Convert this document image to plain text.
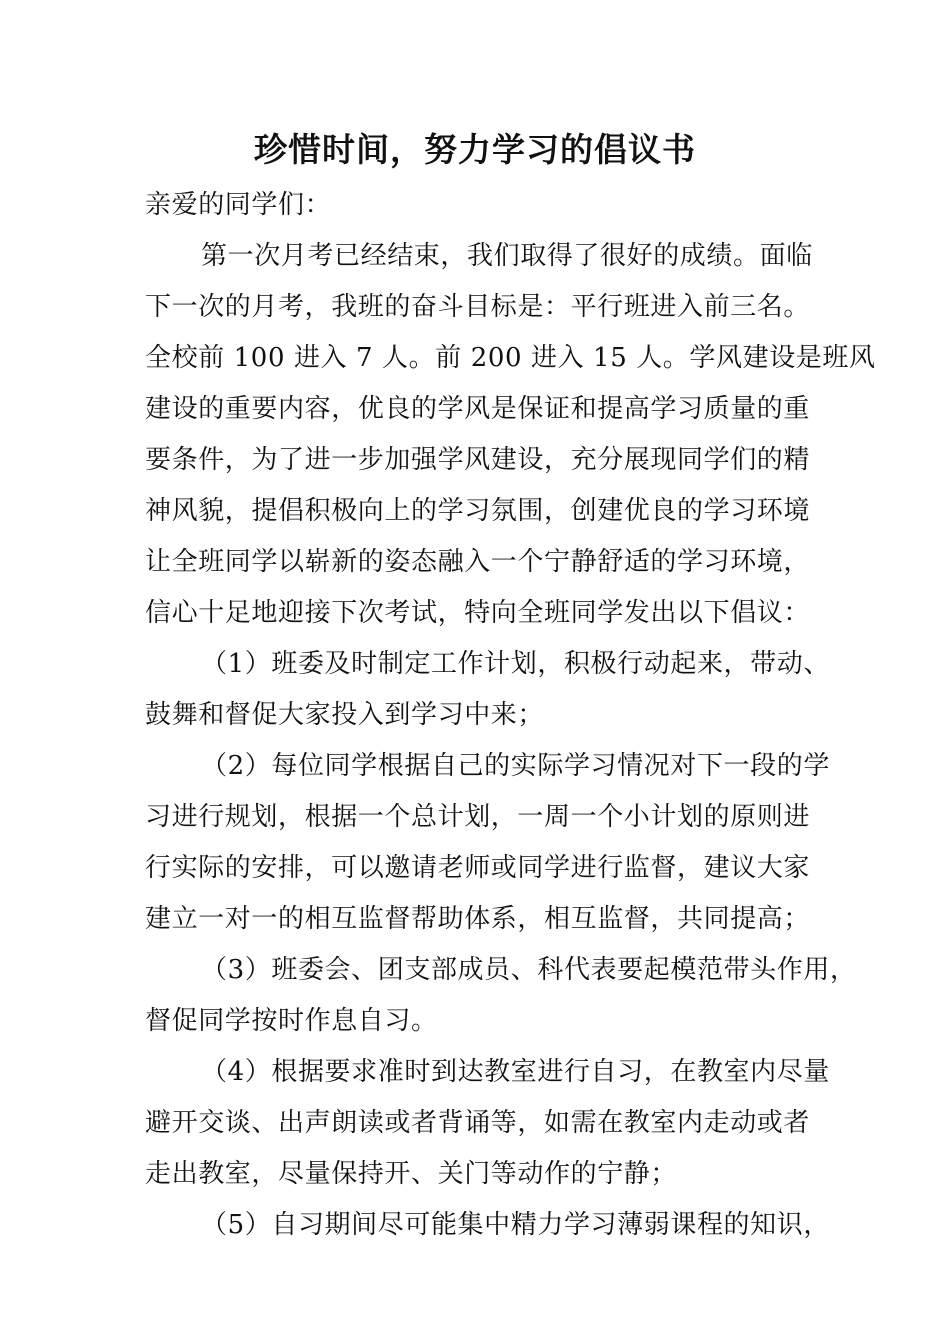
珍惜时间，努力学习的倡议书
亲爱的同学们：
第一次月考已经结束，我们取得了很好的成绩。面临
下一次的月考，我班的奋斗目标是：平行班进入前三名。
全校前 100 进入 7 人。前 200 进入 15 人。学风建设是班风
建设的重要内容，优良的学风是保证和提高学习质量的重
要条件，为了进一步加强学风建设，充分展现同学们的精
神风貌，提倡积极向上的学习氛围，创建优良的学习环境
让全班同学以崭新的姿态融入一个宁静舒适的学习环境，
信心十足地迎接下次考试，特向全班同学发出以下倡议：
（1）班委及时制定工作计划，积极行动起来，带动、
鼓舞和督促大家投入到学习中来；
（2）每位同学根据自己的实际学习情况对下一段的学
习进行规划，根据一个总计划，一周一个小计划的原则进
行实际的安排，可以邀请老师或同学进行监督，建议大家
建立一对一的相互监督帮助体系，相互监督，共同提高；
（3）班委会、团支部成员、科代表要起模范带头作用，
督促同学按时作息自习。
（4）根据要求准时到达教室进行自习，在教室内尽量
避开交谈、出声朗读或者背诵等，如需在教室内走动或者
走出教室，尽量保持开、关门等动作的宁静；
（5）自习期间尽可能集中精力学习薄弱课程的知识，
